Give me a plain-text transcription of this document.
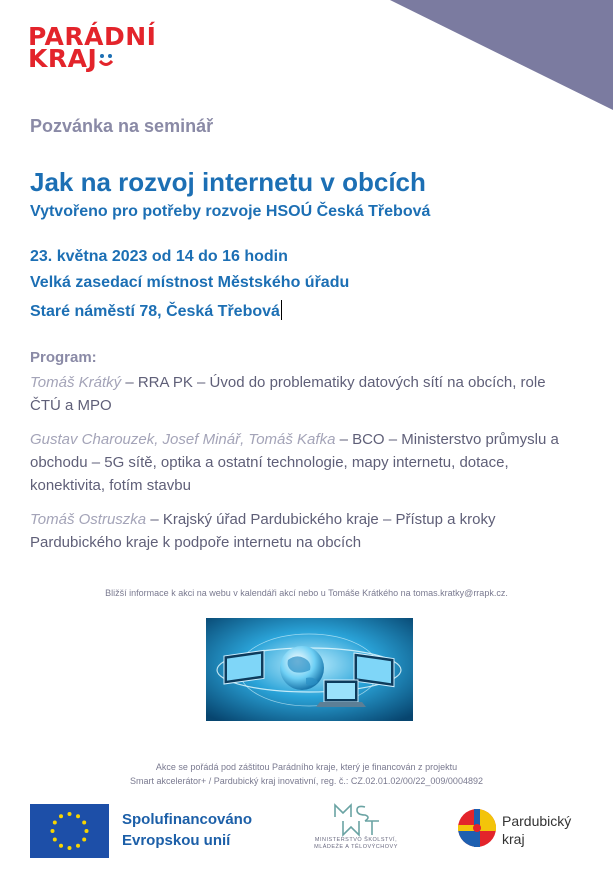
PARÁDNÍ
KRAJ
Pozvánka na seminář
Jak na rozvoj internetu v obcích
Vytvořeno pro potřeby rozvoje HSOÚ Česká Třebová
23. května 2023 od 14 do 16 hodin
Velká zasedací místnost Městského úřadu
Staré náměstí 78, Česká Třebová
Program:
Tomáš Krátký – RRA PK – Úvod do problematiky datových sítí na obcích, role ČTÚ a MPO
Gustav Charouzek, Josef Minář, Tomáš Kafka – BCO – Ministerstvo průmyslu a obchodu – 5G sítě, optika a ostatní technologie, mapy internetu, dotace, konektivita, fotím stavbu
Tomáš Ostruszka – Krajský úřad Pardubického kraje – Přístup a kroky Pardubického kraje k podpoře internetu na obcích
Bližší informace k akci na webu v kalendáři akcí nebo u Tomáše Krátkého na tomas.kratky@rrapk.cz.
Akce se pořádá pod záštitou Parádního kraje, který je financován z projektu
Smart akcelerátor+ / Pardubický kraj inovativní, reg. č.: CZ.02.01.02/00/22_009/0004892
Spolufinancováno
Evropskou unií	MINISTERSTVO ŠKOLSTVÍ,
MLÁDEŽE A TĚLOVÝCHOVY
Pardubický
kraj
